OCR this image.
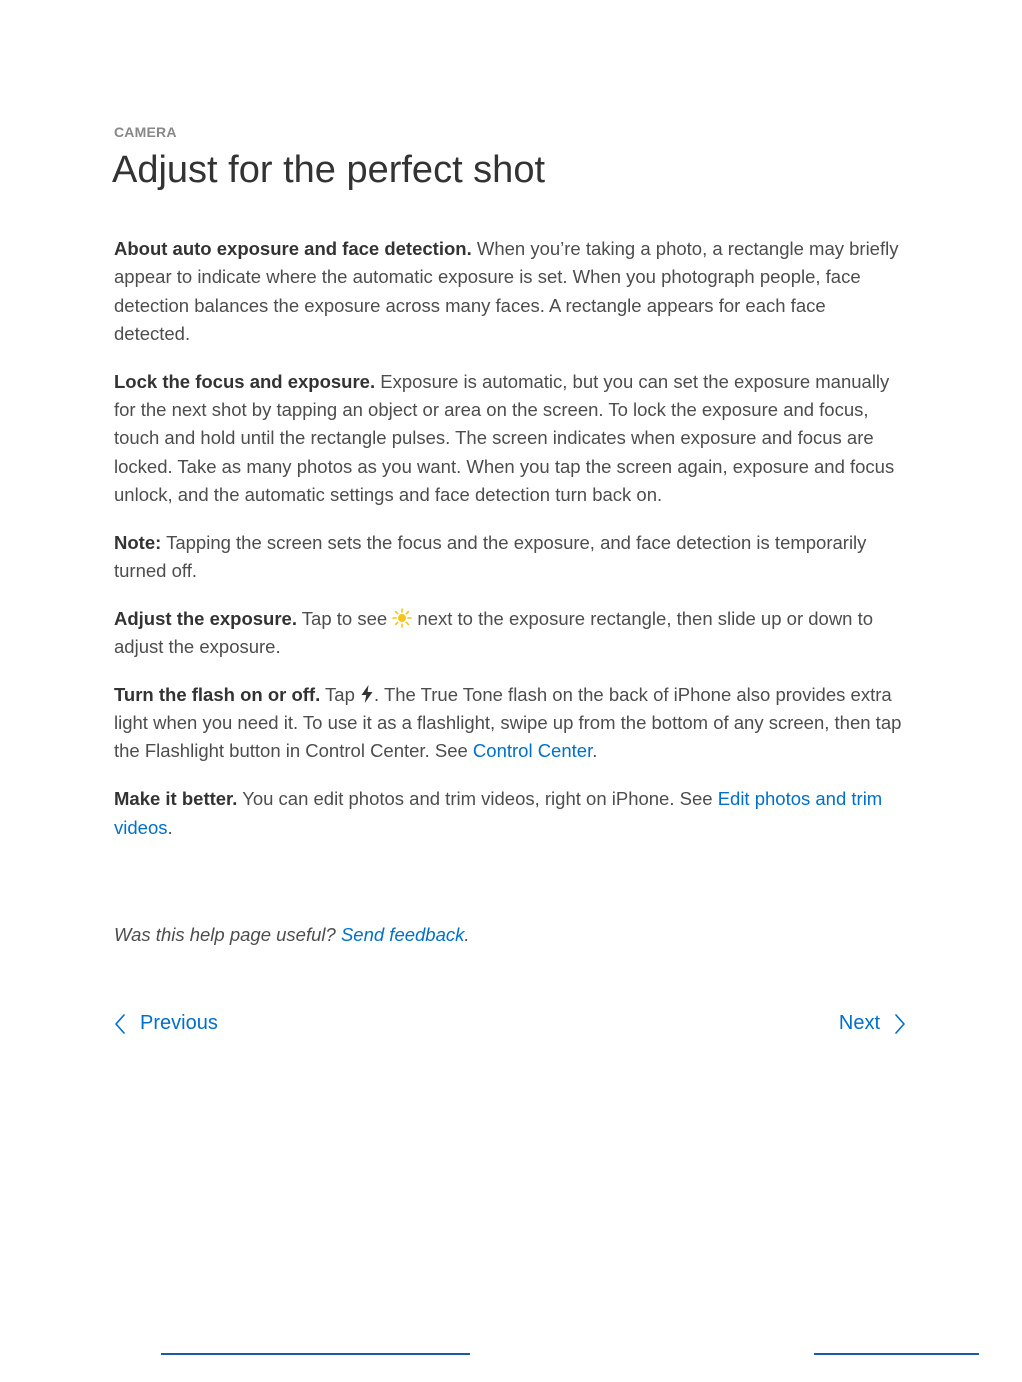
CAMERA

Adjust for the perfect shot

About auto exposure and face detection. When you’re taking a photo, a rectangle may briefly appear to indicate where the automatic exposure is set. When you photograph people, face detection balances the exposure across many faces. A rectangle appears for each face detected.

Lock the focus and exposure. Exposure is automatic, but you can set the exposure manually for the next shot by tapping an object or area on the screen. To lock the exposure and focus, touch and hold until the rectangle pulses. The screen indicates when exposure and focus are locked. Take as many photos as you want. When you tap the screen again, exposure and focus unlock, and the automatic settings and face detection turn back on.

Note: Tapping the screen sets the focus and the exposure, and face detection is temporarily turned off.

Adjust the exposure. Tap to see  next to the exposure rectangle, then slide up or down to adjust the exposure.

Turn the flash on or off. Tap . The True Tone flash on the back of iPhone also provides extra light when you need it. To use it as a flashlight, swipe up from the bottom of any screen, then tap the Flashlight button in Control Center. See Control Center.

Make it better. You can edit photos and trim videos, right on iPhone. See Edit photos and trim videos.

Was this help page useful? Send feedback.

Previous	Next
